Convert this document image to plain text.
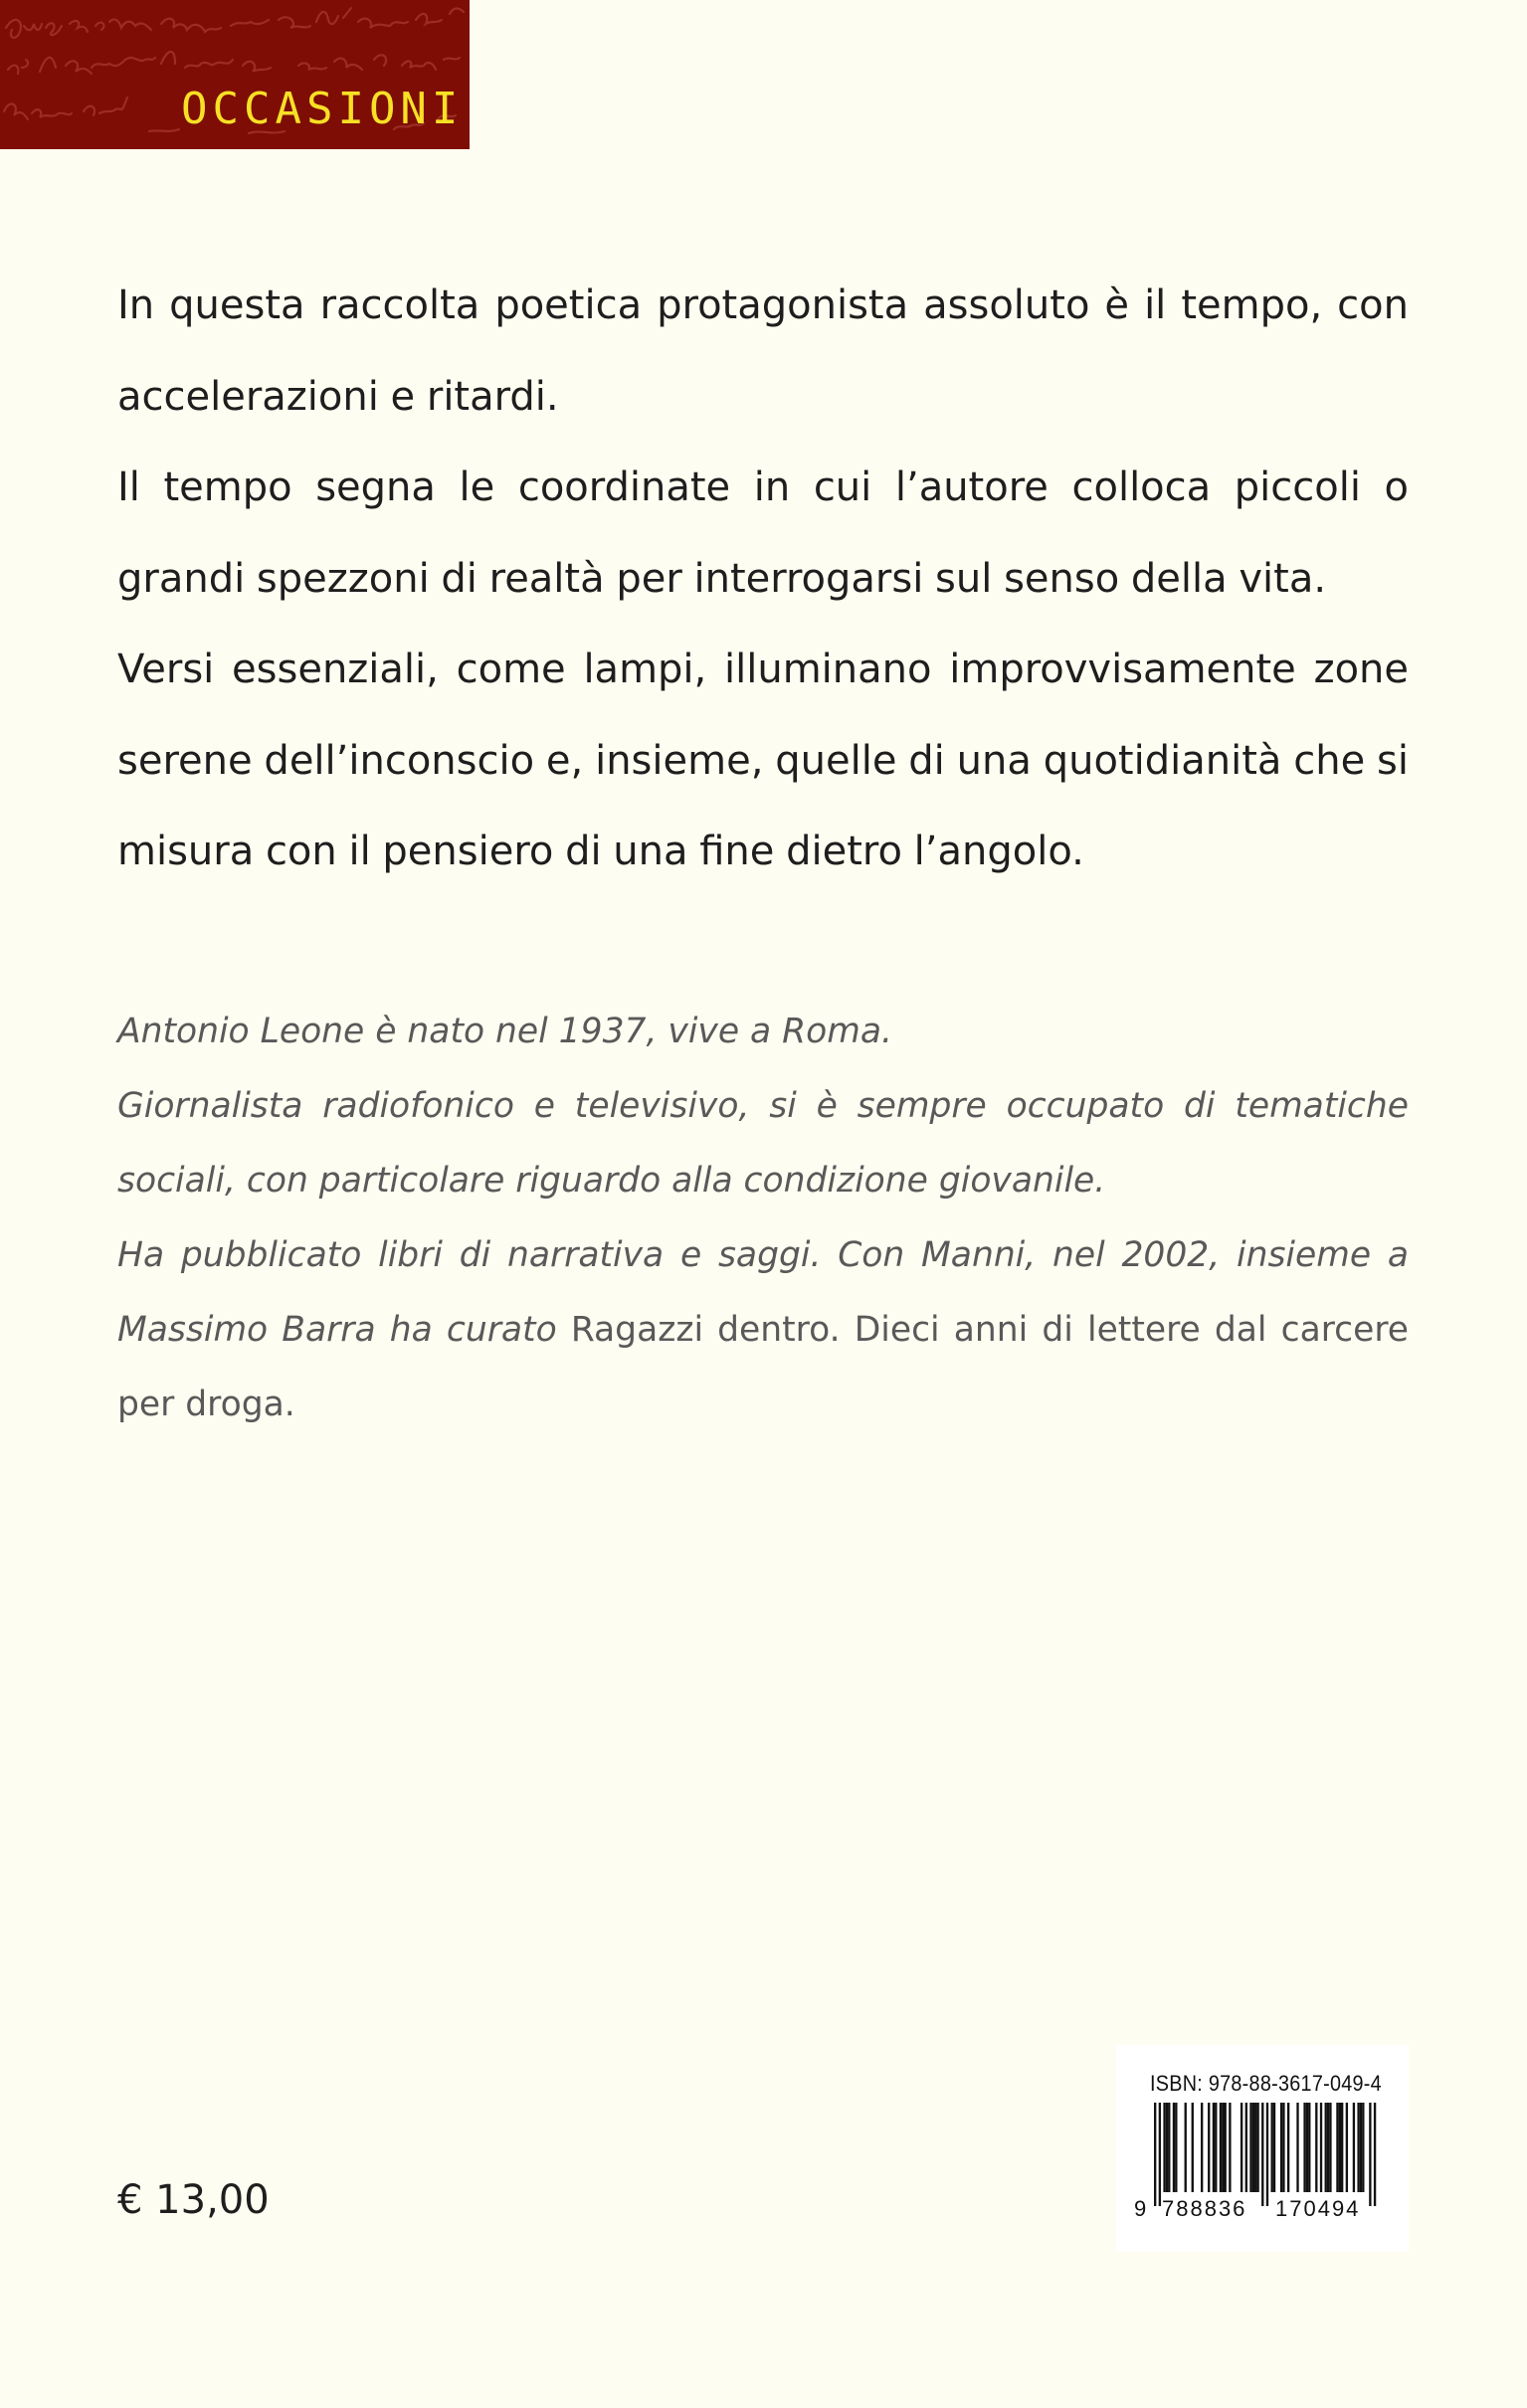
OCCASIONI

In questa raccolta poetica protagonista assoluto è il tempo, con accelerazioni e ritardi.

Il tempo segna le coordinate in cui l’autore colloca piccoli o grandi spezzoni di realtà per interrogarsi sul senso della vita.

Versi essenziali, come lampi, illuminano improvvisamente zone serene dell’inconscio e, insieme, quelle di una quotidianità che si misura con il pensiero di una fine dietro l’angolo.

Antonio Leone è nato nel 1937, vive a Roma.

Giornalista radiofonico e televisivo, si è sempre occupato di tematiche sociali, con particolare riguardo alla condizione giovanile.

Ha pubblicato libri di narrativa e saggi. Con Manni, nel 2002, insieme a Massimo Barra ha curato Ragazzi dentro. Dieci anni di lettere dal carcere per droga.

€ 13,00
ISBN: 978-88-3617-049-4
9 788836	170494
